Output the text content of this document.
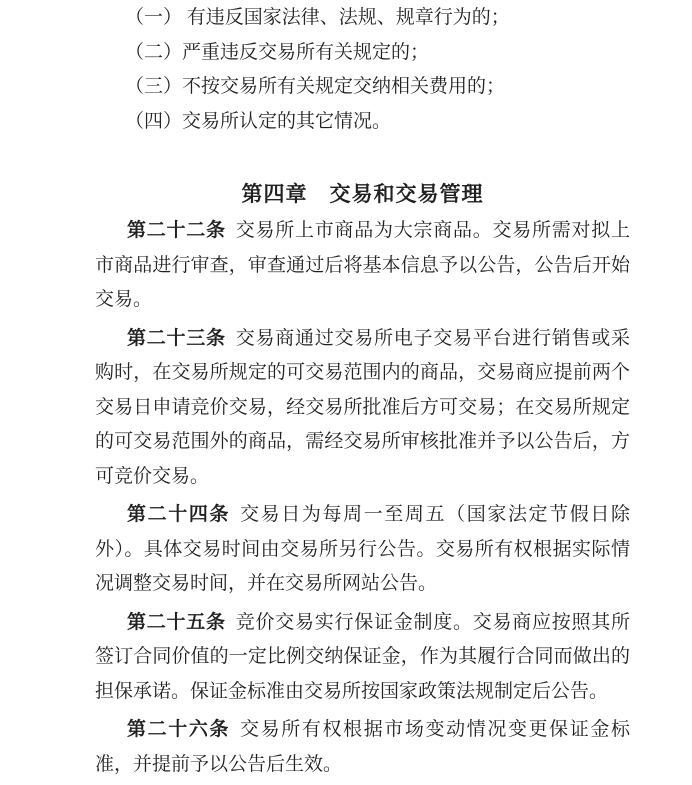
（一） 有违反国家法律、法规、规章行为的；
（二）严重违反交易所有关规定的；
（三）不按交易所有关规定交纳相关费用的；
（四）交易所认定的其它情况。
第四章　交易和交易管理

第二十二条 交易所上市商品为大宗商品。交易所需对拟上市商品进行审查，审查通过后将基本信息予以公告，公告后开始交易。

第二十三条 交易商通过交易所电子交易平台进行销售或采购时，在交易所规定的可交易范围内的商品，交易商应提前两个交易日申请竞价交易，经交易所批准后方可交易；在交易所规定的可交易范围外的商品，需经交易所审核批准并予以公告后，方可竞价交易。

第二十四条 交易日为每周一至周五（国家法定节假日除外）。具体交易时间由交易所另行公告。交易所有权根据实际情况调整交易时间，并在交易所网站公告。

第二十五条 竞价交易实行保证金制度。交易商应按照其所签订合同价值的一定比例交纳保证金，作为其履行合同而做出的担保承诺。保证金标准由交易所按国家政策法规制定后公告。

第二十六条 交易所有权根据市场变动情况变更保证金标准，并提前予以公告后生效。
